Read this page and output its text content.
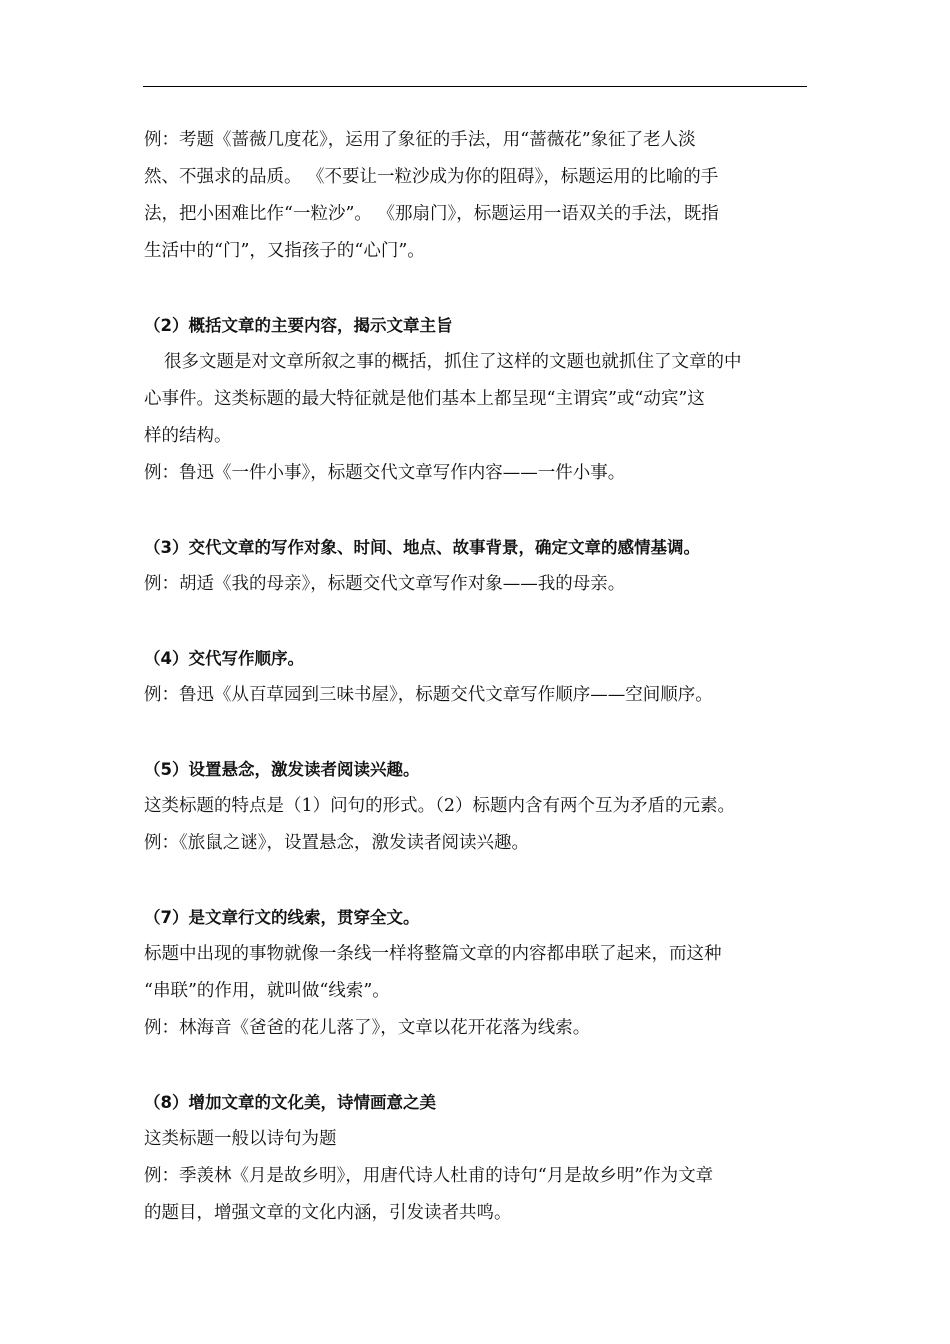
例：考题《蔷薇几度花》，运用了象征的手法，用“蔷薇花”象征了老人淡
然、不强求的品质。 《不要让一粒沙成为你的阻碍》，标题运用的比喻的手
法，把小困难比作“一粒沙”。 《那扇门》，标题运用一语双关的手法，既指
生活中的“门”，又指孩子的“心门”。
（2）概括文章的主要内容，揭示文章主旨
很多文题是对文章所叙之事的概括，抓住了这样的文题也就抓住了文章的中
心事件。这类标题的最大特征就是他们基本上都呈现“主谓宾”或“动宾”这
样的结构。
例：鲁迅《一件小事》，标题交代文章写作内容——一件小事。
（3）交代文章的写作对象、时间、地点、故事背景，确定文章的感情基调。
例：胡适《我的母亲》，标题交代文章写作对象——我的母亲。
（4）交代写作顺序。
例：鲁迅《从百草园到三味书屋》，标题交代文章写作顺序——空间顺序。
（5）设置悬念，激发读者阅读兴趣。
这类标题的特点是（1）问句的形式。（2）标题内含有两个互为矛盾的元素。
例：《旅鼠之谜》，设置悬念，激发读者阅读兴趣。
（7）是文章行文的线索，贯穿全文。
标题中出现的事物就像一条线一样将整篇文章的内容都串联了起来，而这种
“串联”的作用，就叫做“线索”。
例：林海音《爸爸的花儿落了》，文章以花开花落为线索。
（8）增加文章的文化美，诗情画意之美
这类标题一般以诗句为题
例：季羡林《月是故乡明》，用唐代诗人杜甫的诗句“月是故乡明”作为文章
的题目，增强文章的文化内涵，引发读者共鸣。
